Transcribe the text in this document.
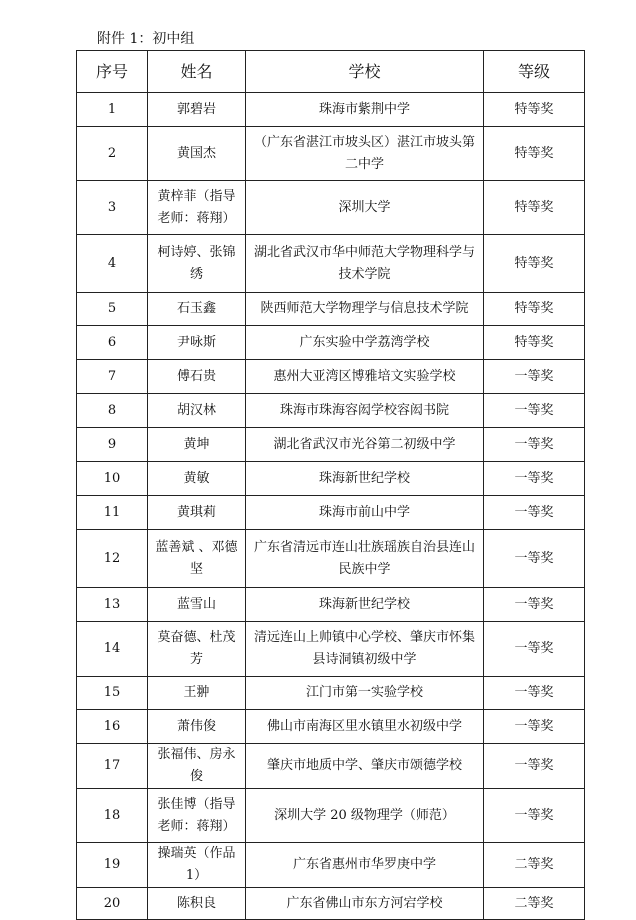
附件 1：初中组
序号	姓名	学校	等级
1	郭碧岩	珠海市紫荆中学	特等奖
2	黄国杰	（广东省湛江市坡头区）湛江市坡头第二中学	特等奖
3	黄梓菲（指导老师：蒋翔）	深圳大学	特等奖
4	柯诗婷、张锦绣	湖北省武汉市华中师范大学物理科学与技术学院	特等奖
5	石玉鑫	陕西师范大学物理学与信息技术学院	特等奖
6	尹咏斯	广东实验中学荔湾学校	特等奖
7	傅石贵	惠州大亚湾区博雅培文实验学校	一等奖
8	胡汉林	珠海市珠海容闳学校容闳书院	一等奖
9	黄坤	湖北省武汉市光谷第二初级中学	一等奖
10	黄敏	珠海新世纪学校	一等奖
11	黄琪莉	珠海市前山中学	一等奖
12	蓝善斌 、邓德坚	广东省清远市连山壮族瑶族自治县连山民族中学	一等奖
13	蓝雪山	珠海新世纪学校	一等奖
14	莫奋德、杜茂芳	清远连山上帅镇中心学校、肇庆市怀集县诗洞镇初级中学	一等奖
15	王翀	江门市第一实验学校	一等奖
16	萧伟俊	佛山市南海区里水镇里水初级中学	一等奖
17	张福伟、房永俊	肇庆市地质中学、肇庆市颂德学校	一等奖
18	张佳博（指导老师：蒋翔）	深圳大学 20 级物理学（师范）	一等奖
19	操瑞英（作品 1）	广东省惠州市华罗庚中学	二等奖
20	陈积良	广东省佛山市东方河宕学校	二等奖
